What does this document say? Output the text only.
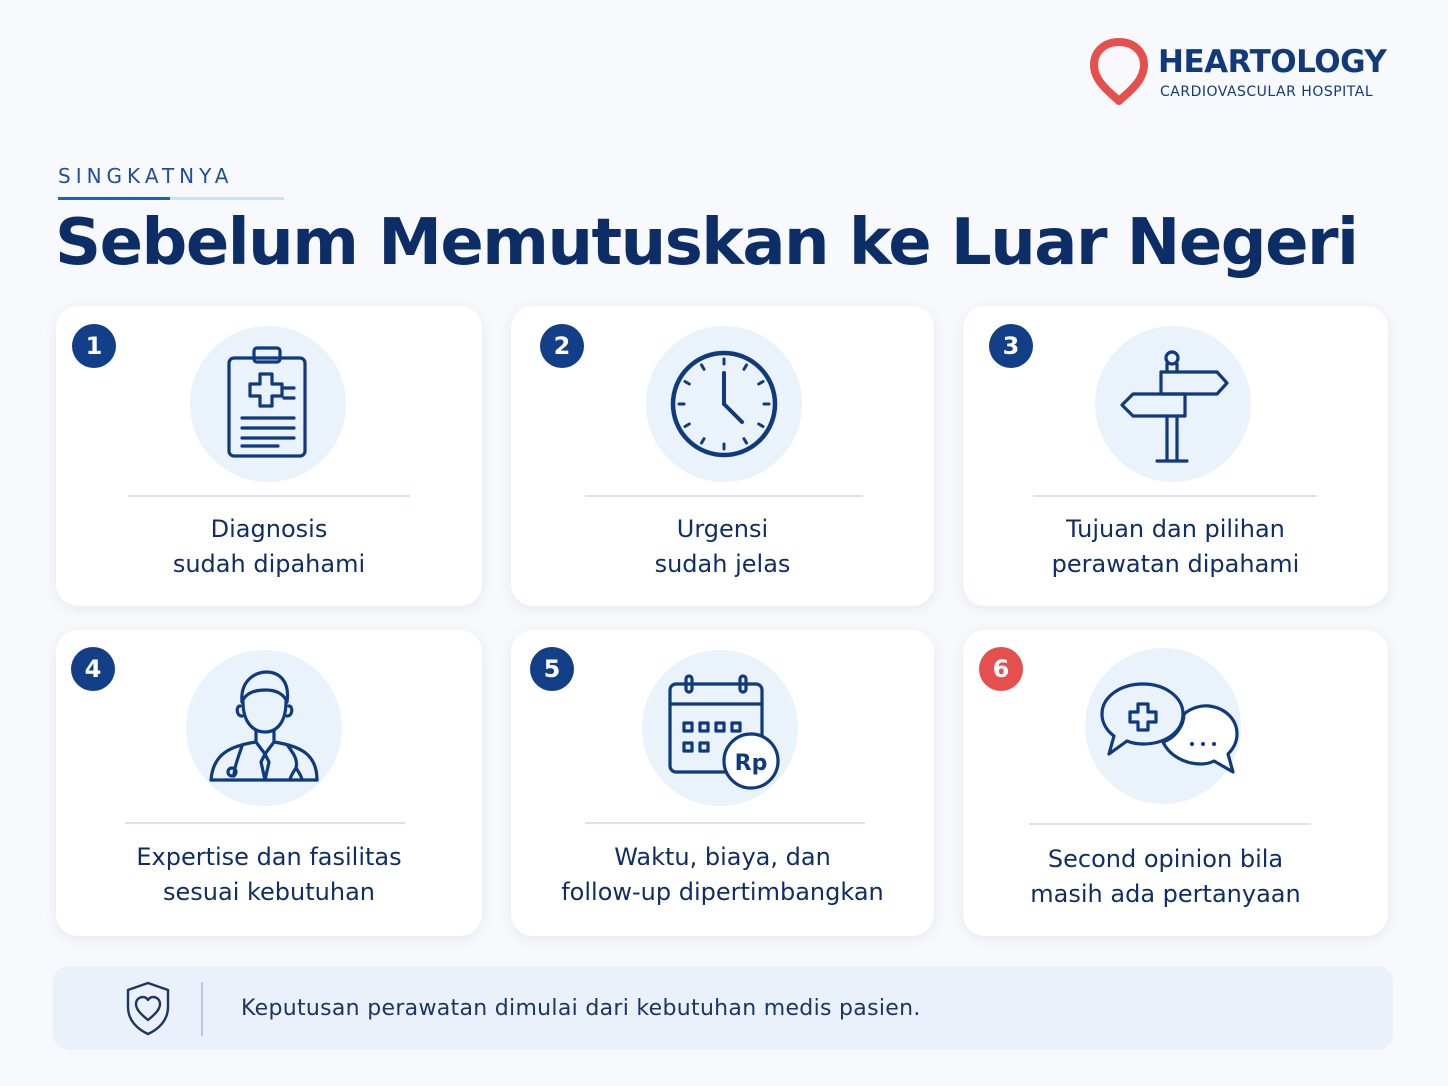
HEARTOLOGY
CARDIOVASCULAR HOSPITAL
SINGKATNYA
Sebelum Memutuskan ke Luar Negeri
1
Diagnosis
sudah dipahami
2
Urgensi
sudah jelas
3
Tujuan dan pilihan
perawatan dipahami
4
Expertise dan fasilitas
sesuai kebutuhan
5
Rp
Waktu, biaya, dan
follow-up dipertimbangkan
6
Second opinion bila
masih ada pertanyaan
Keputusan perawatan dimulai dari kebutuhan medis pasien.
